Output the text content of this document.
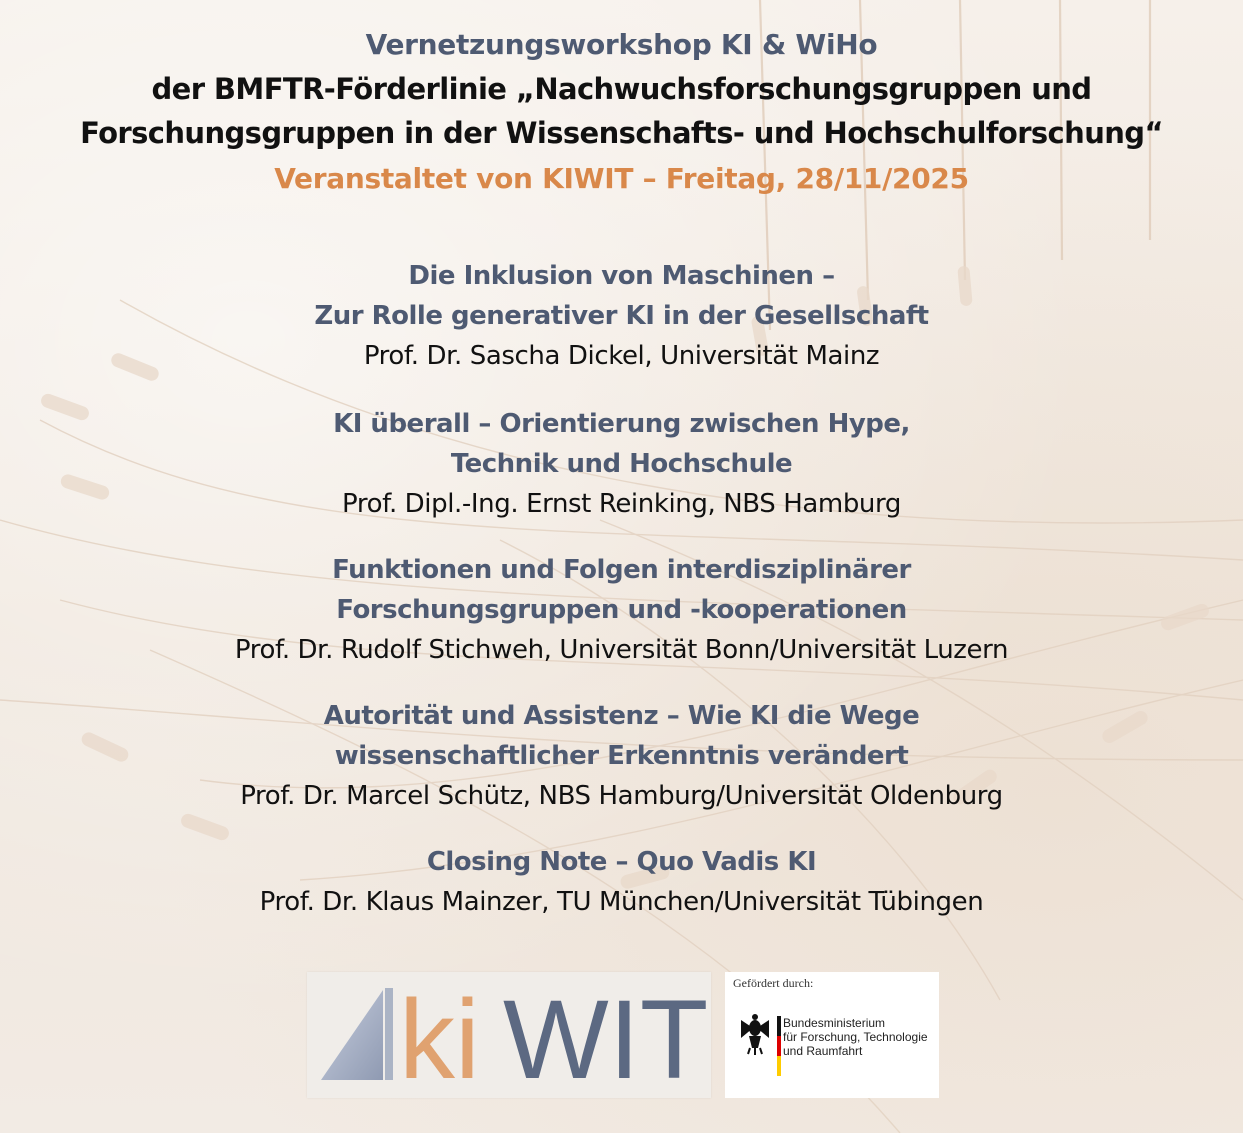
Vernetzungsworkshop KI & WiHo
der BMFTR-Förderlinie „Nachwuchsforschungsgruppen und
Forschungsgruppen in der Wissenschafts- und Hochschulforschung“
Veranstaltet von KIWIT – Freitag, 28/11/2025
Die Inklusion von Maschinen –
Zur Rolle generativer KI in der Gesellschaft
Prof. Dr. Sascha Dickel, Universität Mainz
KI überall – Orientierung zwischen Hype,
Technik und Hochschule
Prof. Dipl.-Ing. Ernst Reinking, NBS Hamburg
Funktionen und Folgen interdisziplinärer
Forschungsgruppen und -kooperationen
Prof. Dr. Rudolf Stichweh, Universität Bonn/Universität Luzern
Autorität und Assistenz – Wie KI die Wege
wissenschaftlicher Erkenntnis verändert
Prof. Dr. Marcel Schütz, NBS Hamburg/Universität Oldenburg
Closing Note – Quo Vadis KI
Prof. Dr. Klaus Mainzer, TU München/Universität Tübingen
ki WIT Gefördert durch:
Bundesministerium
für Forschung, Technologie
und Raumfahrt
